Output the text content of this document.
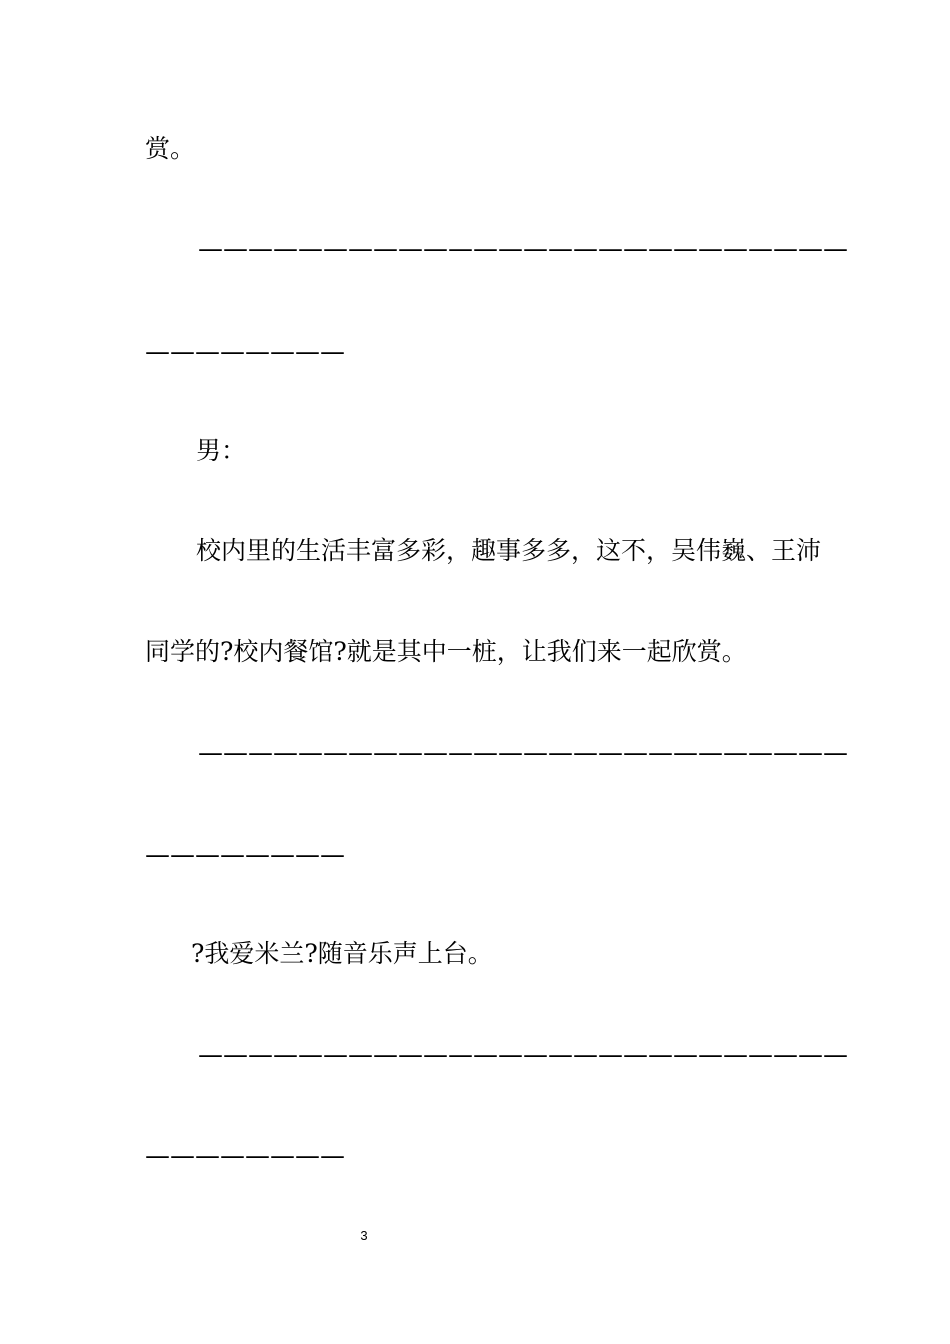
赏。
——————————————————————————
————————
男：
校内里的生活丰富多彩，趣事多多，这不，吴伟巍、王沛
同学的?校内餐馆?就是其中一桩，让我们来一起欣赏。
——————————————————————————
————————
?我爱米兰?随音乐声上台。
——————————————————————————
————————
3
